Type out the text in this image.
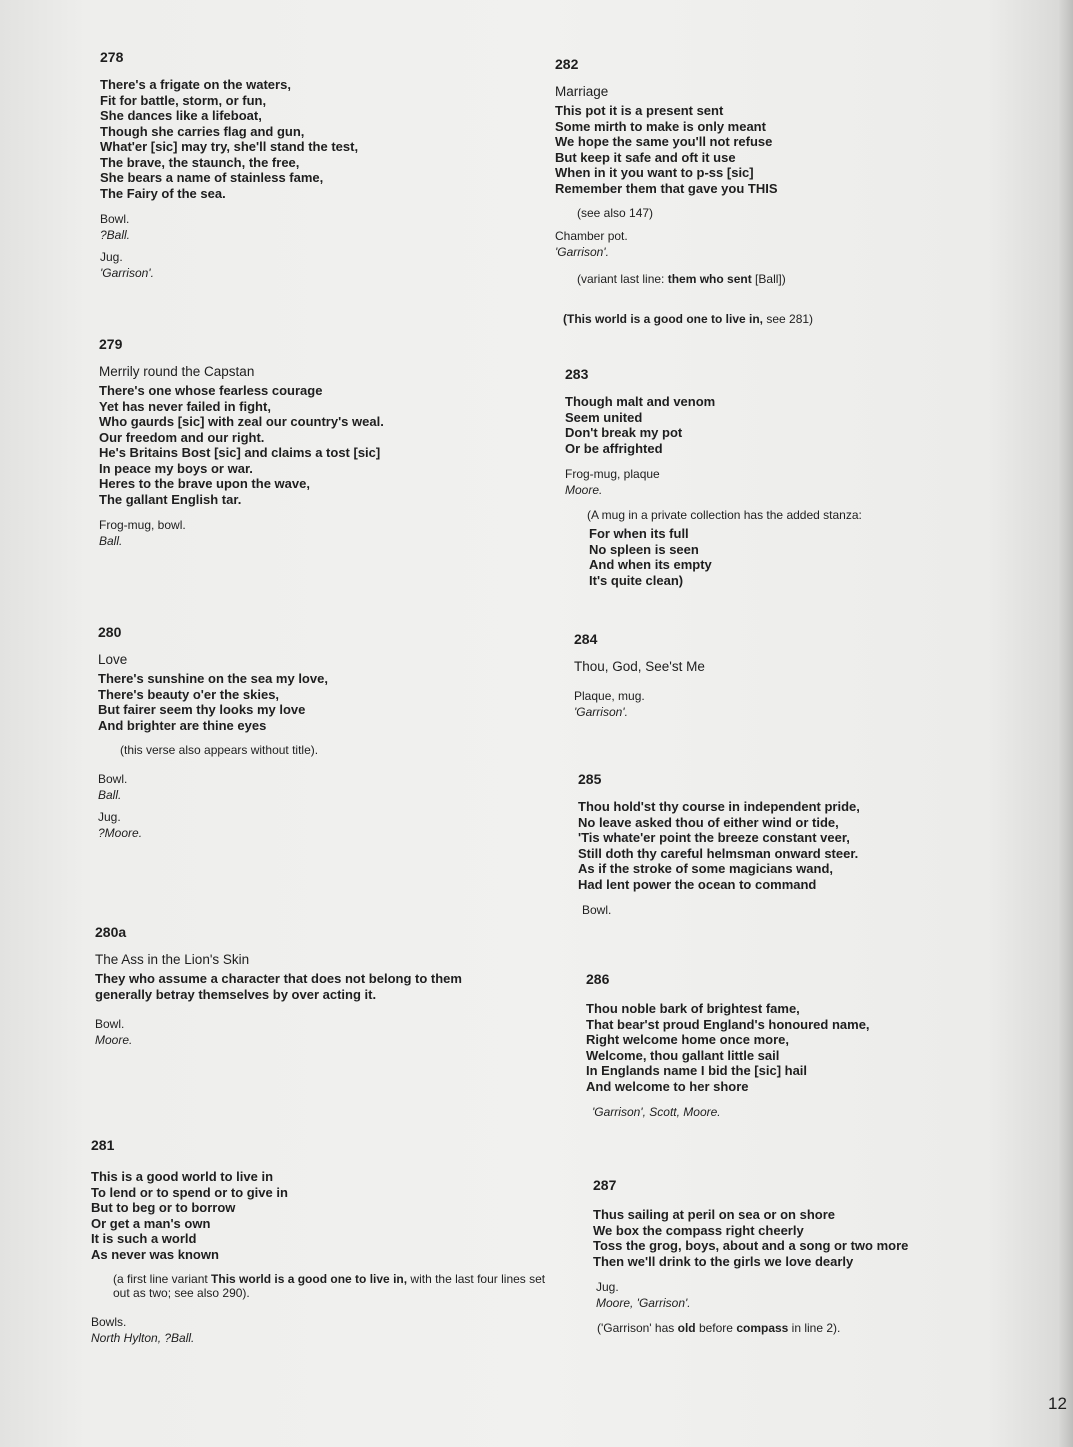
278
There's a frigate on the waters,
Fit for battle, storm, or fun,
She dances like a lifeboat,
Though she carries flag and gun,
What'er [sic] may try, she'll stand the test,
The brave, the staunch, the free,
She bears a name of stainless fame,
The Fairy of the sea.
Bowl.
?Ball.
Jug.
'Garrison'.
279
Merrily round the Capstan
There's one whose fearless courage
Yet has never failed in fight,
Who gaurds [sic] with zeal our country's weal.
Our freedom and our right.
He's Britains Bost [sic] and claims a tost [sic]
In peace my boys or war.
Heres to the brave upon the wave,
The gallant English tar.
Frog-mug, bowl.
Ball.
280
Love
There's sunshine on the sea my love,
There's beauty o'er the skies,
But fairer seem thy looks my love
And brighter are thine eyes
(this verse also appears without title).
Bowl.
Ball.
Jug.
?Moore.
280a
The Ass in the Lion's Skin
They who assume a character that does not belong to them
generally betray themselves by over acting it.
Bowl.
Moore.
281
This is a good world to live in
To lend or to spend or to give in
But to beg or to borrow
Or get a man's own
It is such a world
As never was known
(a first line variant This world is a good one to live in, with the last four lines set out as two; see also 290).
Bowls.
North Hylton, ?Ball.
282
Marriage
This pot it is a present sent
Some mirth to make is only meant
We hope the same you'll not refuse
But keep it safe and oft it use
When in it you want to p-ss [sic]
Remember them that gave you THIS
(see also 147)
Chamber pot.
'Garrison'.
(variant last line: them who sent [Ball])
(This world is a good one to live in, see 281)
283
Though malt and venom
Seem united
Don't break my pot
Or be affrighted
Frog-mug, plaque
Moore.
(A mug in a private collection has the added stanza:
For when its full
No spleen is seen
And when its empty
It's quite clean)
284
Thou, God, See'st Me
Plaque, mug.
'Garrison'.
285
Thou hold'st thy course in independent pride,
No leave asked thou of either wind or tide,
'Tis whate'er point the breeze constant veer,
Still doth thy careful helmsman onward steer.
As if the stroke of some magicians wand,
Had lent power the ocean to command
Bowl.
286
Thou noble bark of brightest fame,
That bear'st proud England's honoured name,
Right welcome home once more,
Welcome, thou gallant little sail
In Englands name I bid the [sic] hail
And welcome to her shore
'Garrison', Scott, Moore.
287
Thus sailing at peril on sea or on shore
We box the compass right cheerly
Toss the grog, boys, about and a song or two more
Then we'll drink to the girls we love dearly
Jug.
Moore, 'Garrison'.
('Garrison' has old before compass in line 2).
12
